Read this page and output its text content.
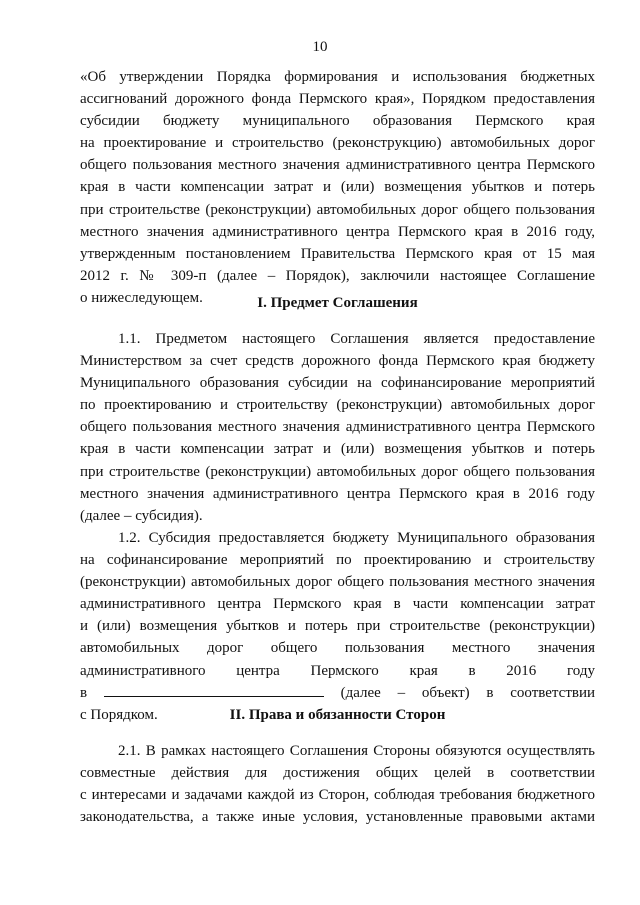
10
«Об утверждении Порядка формирования и использования бюджетных
ассигнований дорожного фонда Пермского края», Порядком предоставления
субсидии бюджету муниципального образования Пермского края
на проектирование и строительство (реконструкцию) автомобильных дорог
общего пользования местного значения административного центра Пермского
края в части компенсации затрат и (или) возмещения убытков и потерь
при строительстве (реконструкции) автомобильных дорог общего пользования
местного значения административного центра Пермского края в 2016 году,
утвержденным постановлением Правительства Пермского края от 15 мая
2012 г. № 309-п (далее – Порядок), заключили настоящее Соглашение
о нижеследующем.	I. Предмет Соглашения
1.1. Предметом настоящего Соглашения является предоставление
Министерством за счет средств дорожного фонда Пермского края бюджету
Муниципального образования субсидии на софинансирование мероприятий
по проектированию и строительству (реконструкции) автомобильных дорог
общего пользования местного значения административного центра Пермского
края в части компенсации затрат и (или) возмещения убытков и потерь
при строительстве (реконструкции) автомобильных дорог общего пользования
местного значения административного центра Пермского края в 2016 году
(далее – субсидия).
1.2. Субсидия предоставляется бюджету Муниципального образования
на софинансирование мероприятий по проектированию и строительству
(реконструкции) автомобильных дорог общего пользования местного значения
административного центра Пермского края в части компенсации затрат
и (или) возмещения убытков и потерь при строительстве (реконструкции)
автомобильных дорог общего пользования местного значения
административного центра Пермского края в 2016 году
в	(далее – объект) в соответствии
с Порядком.	II. Права и обязанности Сторон
2.1. В рамках настоящего Соглашения Стороны обязуются осуществлять
совместные действия для достижения общих целей в соответствии
с интересами и задачами каждой из Сторон, соблюдая требования бюджетного
законодательства, а также иные условия, установленные правовыми актами
